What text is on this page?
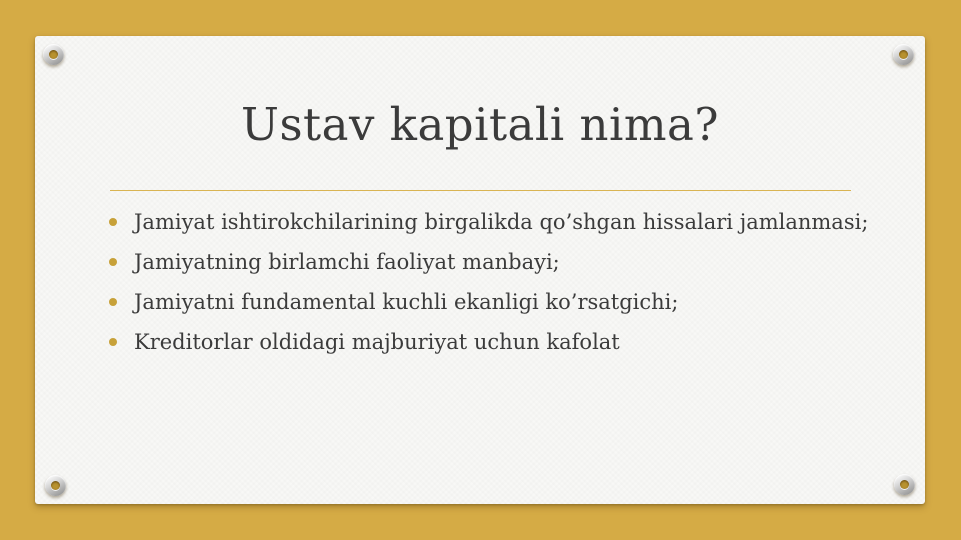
Ustav kapitali nima?
Jamiyat ishtirokchilarining birgalikda qo’shgan hissalari jamlanmasi;
Jamiyatning birlamchi faoliyat manbayi;
Jamiyatni fundamental kuchli ekanligi ko’rsatgichi;
Kreditorlar oldidagi majburiyat uchun kafolat
